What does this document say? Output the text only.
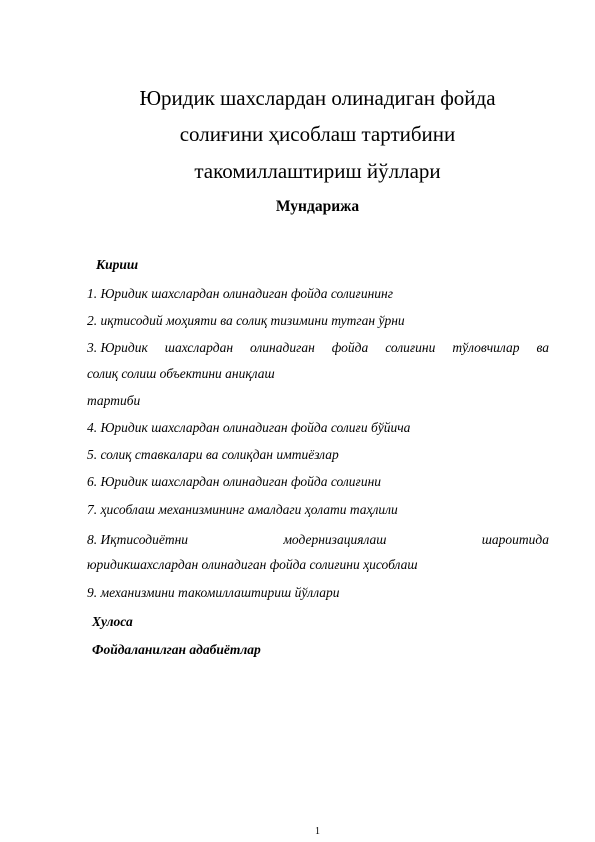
Юридик шахслардан олинадиган фойда
солиғини ҳисоблаш тартибини
такомиллаштириш йўллари
Мундарижа
Кириш
1. Юридик шахслардан олинадиган фойда солиғининг
2. иқтисодий моҳияти ва солиқ тизимини тутган ўрни
3. Юридик шахслардан олинадиган фойда солиғини тўловчилар ва
солиқ солиш объектини аниқлаш
тартиби
4. Юридик шахслардан олинадиган фойда солиғи бўйича
5. солиқ ставкалари ва солиқдан имтиёзлар
6. Юридик шахслардан олинадиган фойда солиғини
7. ҳисоблаш механизмининг амалдаги ҳолати таҳлили
8. Иқтисодиётни	модернизациялаш	шароитида
юридикшахслардан олинадиган фойда солиғини ҳисоблаш
9. механизмини такомиллаштириш йўллари
Хулоса
Фойдаланилган адабиётлар
1
